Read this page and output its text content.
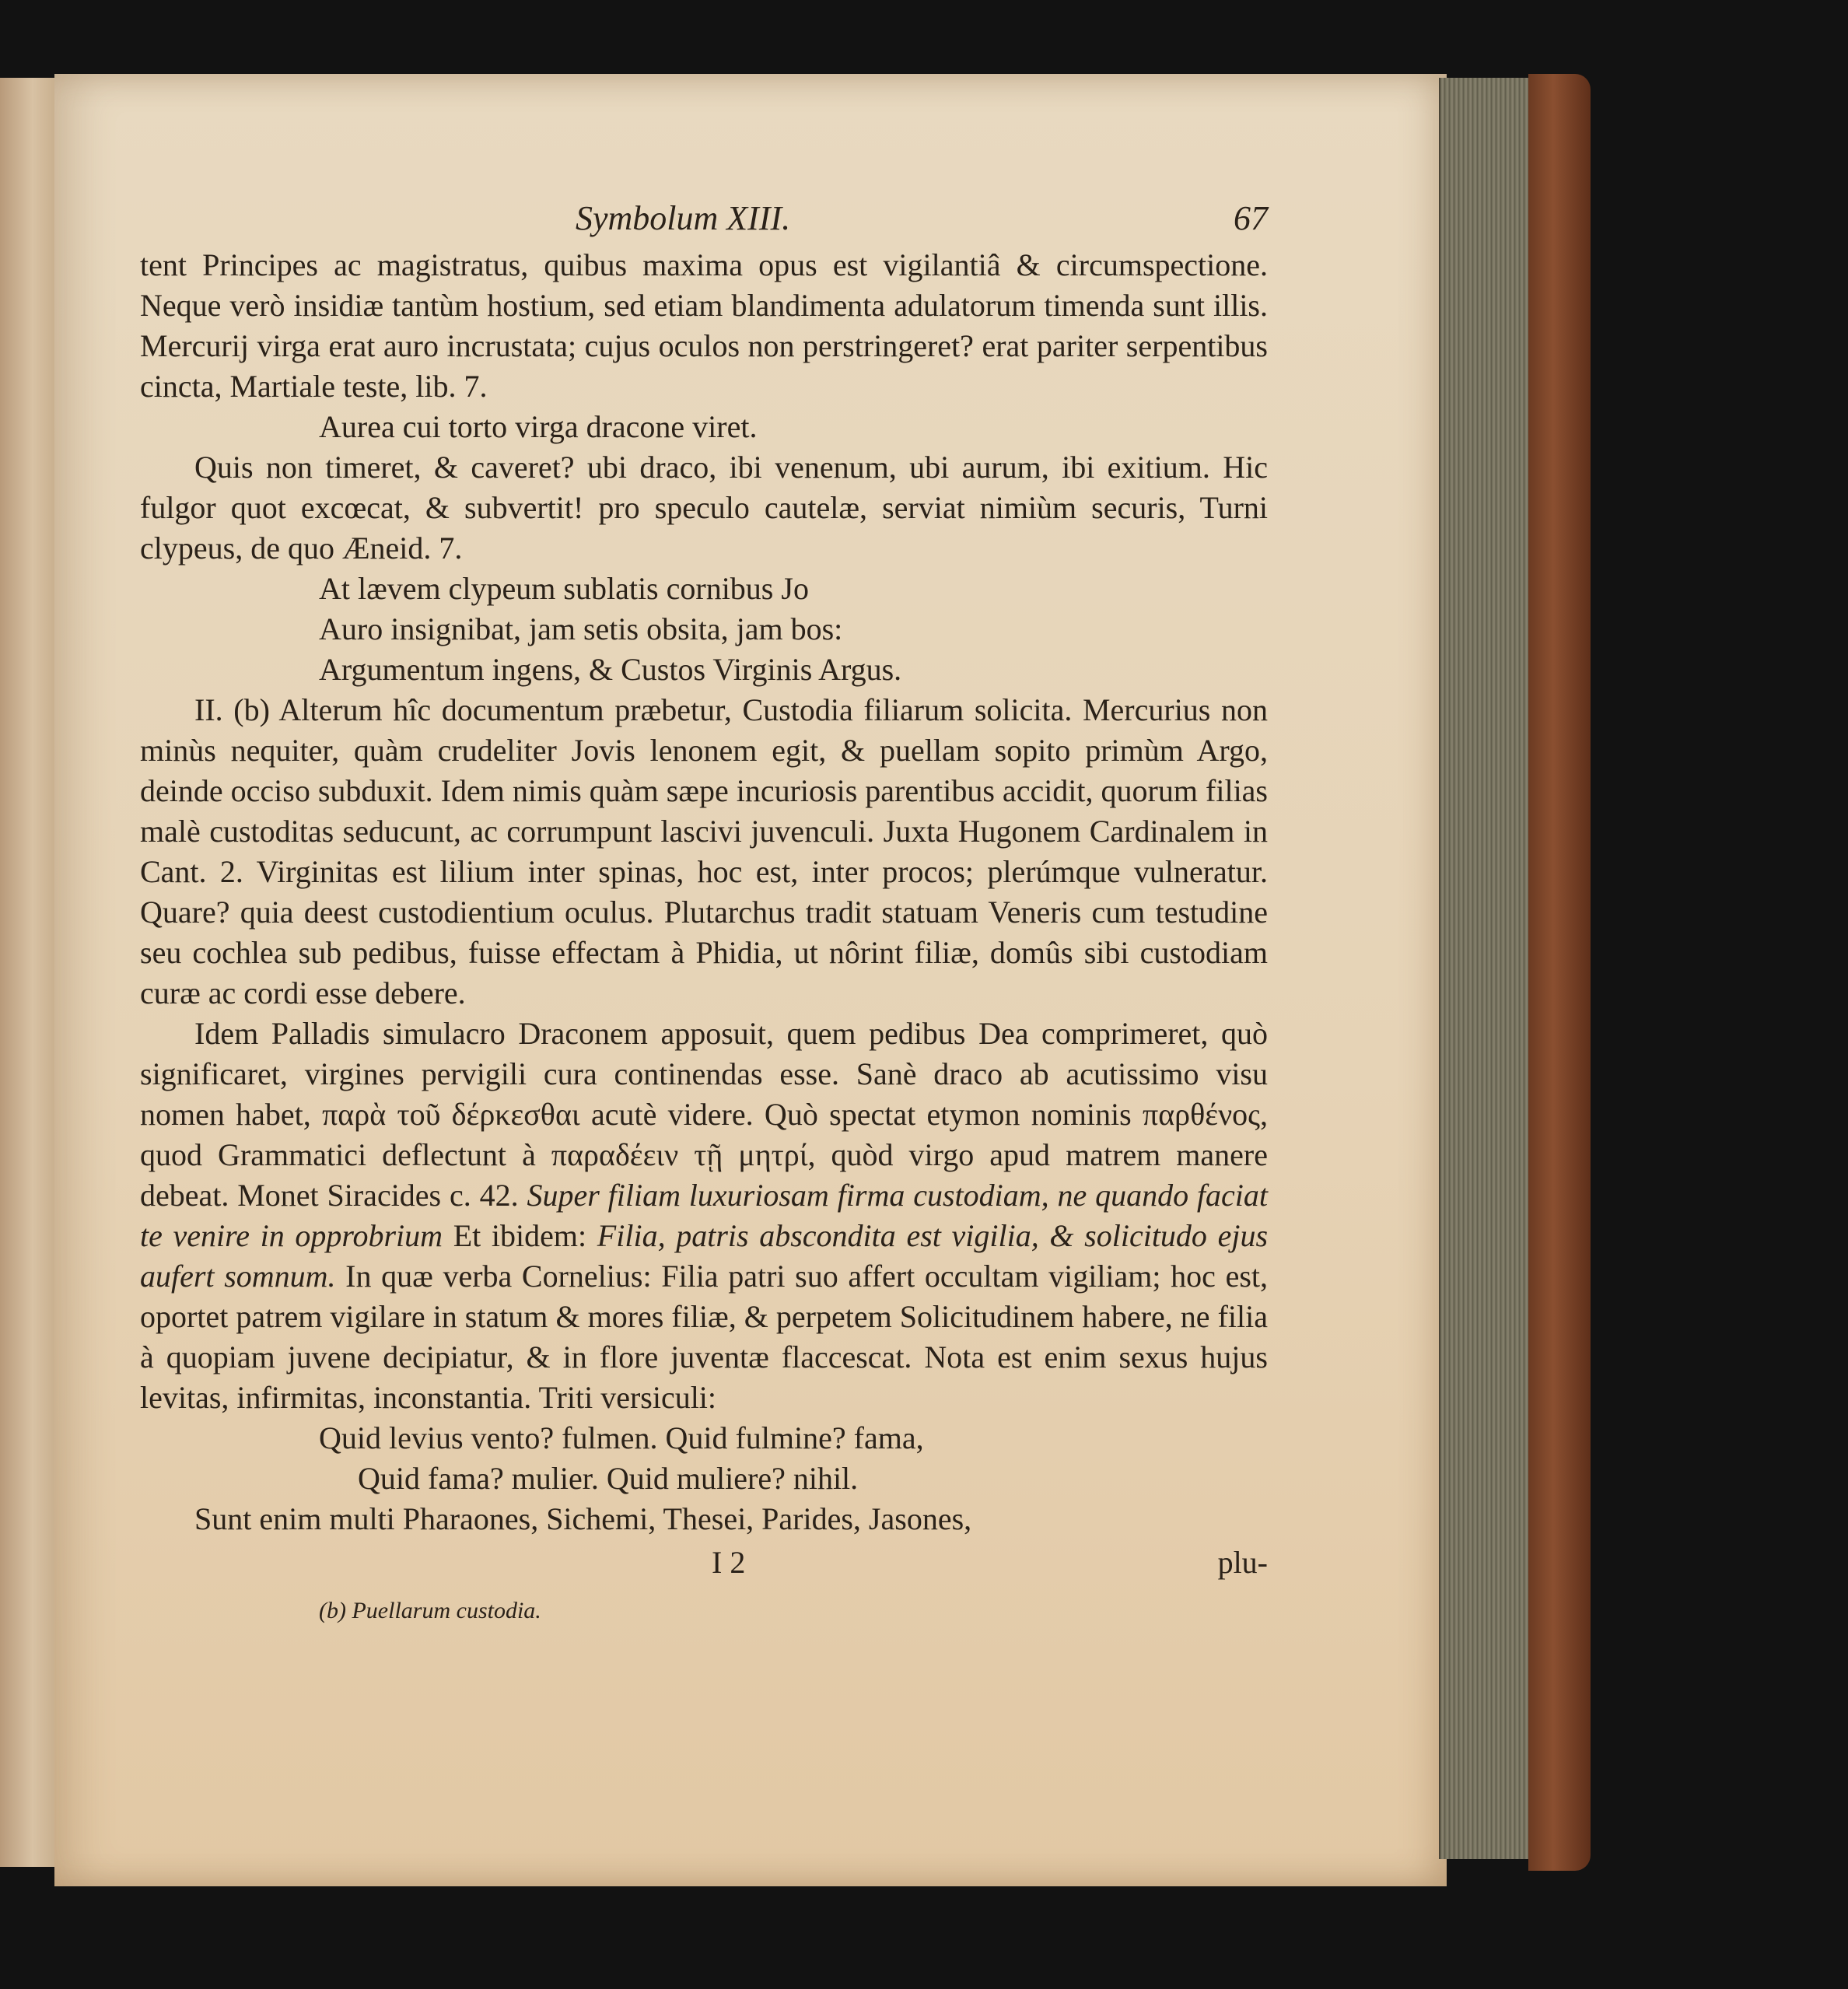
Symbolum XIII.	67

tent Principes ac magistratus, quibus maxima opus est vigilantiâ & circumspectione. Neque verò insidiæ tantùm hostium, sed etiam blandimenta adulatorum timenda sunt illis. Mercurij virga erat auro incrustata; cujus oculos non perstringeret? erat pariter serpentibus cincta, Martiale teste, lib. 7.

Aurea cui torto virga dracone viret.

Quis non timeret, & caveret? ubi draco, ibi venenum, ubi aurum, ibi exitium. Hic fulgor quot excœcat, & subvertit! pro speculo cautelæ, serviat nimiùm securis, Turni clypeus, de quo Æneid. 7.

At lævem clypeum sublatis cornibus Jo

Auro insignibat, jam setis obsita, jam bos:

Argumentum ingens, & Custos Virginis Argus.

II. (b) Alterum hîc documentum præbetur, Custodia filiarum solicita. Mercurius non minùs nequiter, quàm crudeliter Jovis lenonem egit, & puellam sopito primùm Argo, deinde occiso subduxit. Idem nimis quàm sæpe incuriosis parentibus accidit, quorum filias malè custoditas seducunt, ac corrumpunt lascivi juvenculi. Juxta Hugonem Cardinalem in Cant. 2. Virginitas est lilium inter spinas, hoc est, inter procos; plerúmque vulneratur. Quare? quia deest custodientium oculus. Plutarchus tradit statuam Veneris cum testudine seu cochlea sub pedibus, fuisse effectam à Phidia, ut nôrint filiæ, domûs sibi custodiam curæ ac cordi esse debere.

Idem Palladis simulacro Draconem apposuit, quem pedibus Dea comprimeret, quò significaret, virgines pervigili cura continendas esse. Sanè draco ab acutissimo visu nomen habet, παρὰ τοῦ δέρκεσθαι acutè videre. Quò spectat etymon nominis παρθένος, quod Grammatici deflectunt à παραδέειν τῇ μητρί, quòd virgo apud matrem manere debeat. Monet Siracides c. 42. Super filiam luxuriosam firma custodiam, ne quando faciat te venire in opprobrium Et ibidem: Filia, patris abscondita est vigilia, & solicitudo ejus aufert somnum. In quæ verba Cornelius: Filia patri suo affert occultam vigiliam; hoc est, oportet patrem vigilare in statum & mores filiæ, & perpetem Solicitudinem habere, ne filia à quopiam juvene decipiatur, & in flore juventæ flaccescat. Nota est enim sexus hujus levitas, infirmitas, inconstantia. Triti versiculi:

Quid levius vento? fulmen. Quid fulmine? fama,

Quid fama? mulier. Quid muliere? nihil.

Sunt enim multi Pharaones, Sichemi, Thesei, Parides, Jasones,

I 2	plu-
(b) Puellarum custodia.
